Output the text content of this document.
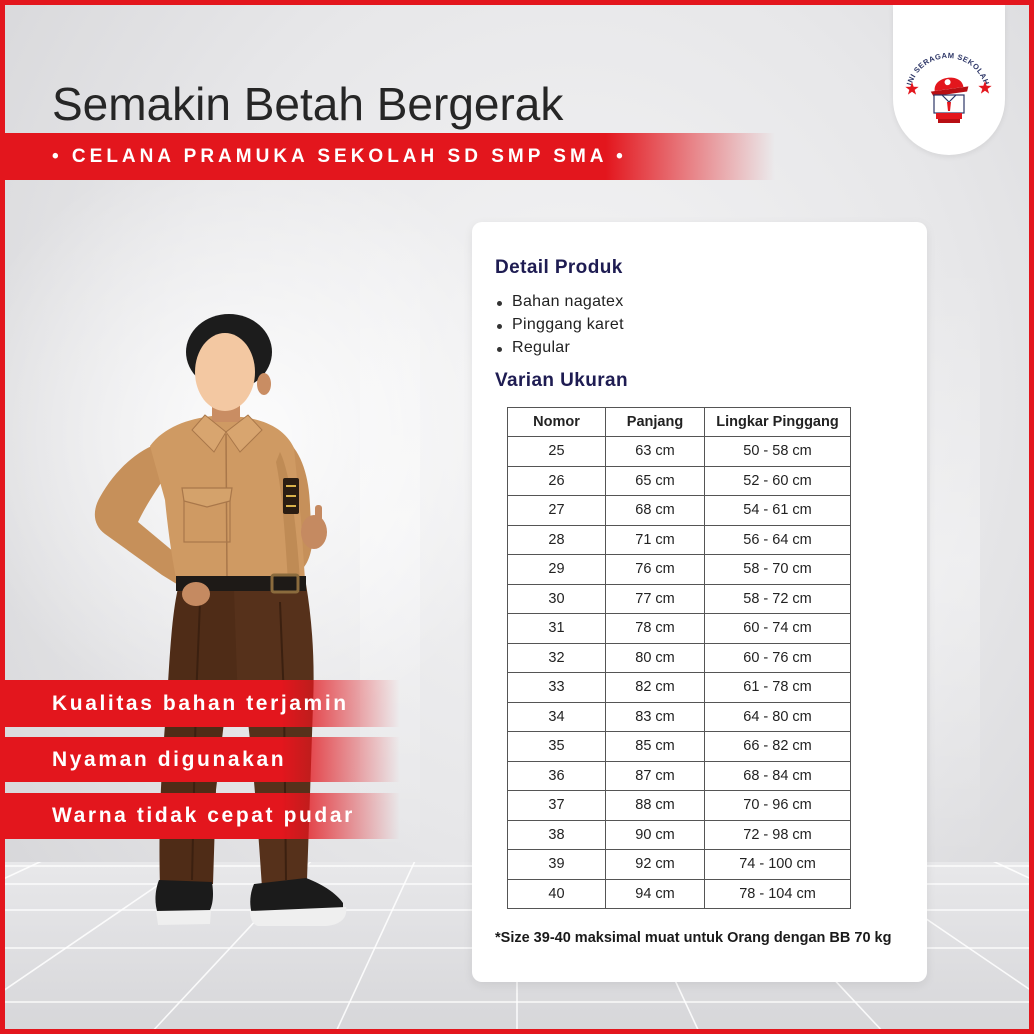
Semakin Betah Bergerak
• CELANA PRAMUKA SEKOLAH SD SMP SMA •
INI SERAGAM SEKOLAH
Kualitas bahan terjamin
Nyaman digunakan
Warna tidak cepat pudar
Detail Produk
Bahan nagatex
Pinggang karet
Regular
Varian Ukuran
Nomor	Panjang	Lingkar Pinggang
25	63 cm	50 - 58 cm
26	65 cm	52 - 60 cm
27	68 cm	54 - 61 cm
28	71 cm	56 - 64 cm
29	76 cm	58 - 70 cm
30	77 cm	58 - 72 cm
31	78 cm	60 - 74 cm
32	80 cm	60 - 76 cm
33	82 cm	61 - 78 cm
34	83 cm	64 - 80 cm
35	85 cm	66 - 82 cm
36	87 cm	68 - 84 cm
37	88 cm	70 - 96 cm
38	90 cm	72 - 98 cm
39	92 cm	74 - 100 cm
40	94 cm	78 - 104 cm

*Size 39-40 maksimal muat untuk Orang dengan BB 70 kg
